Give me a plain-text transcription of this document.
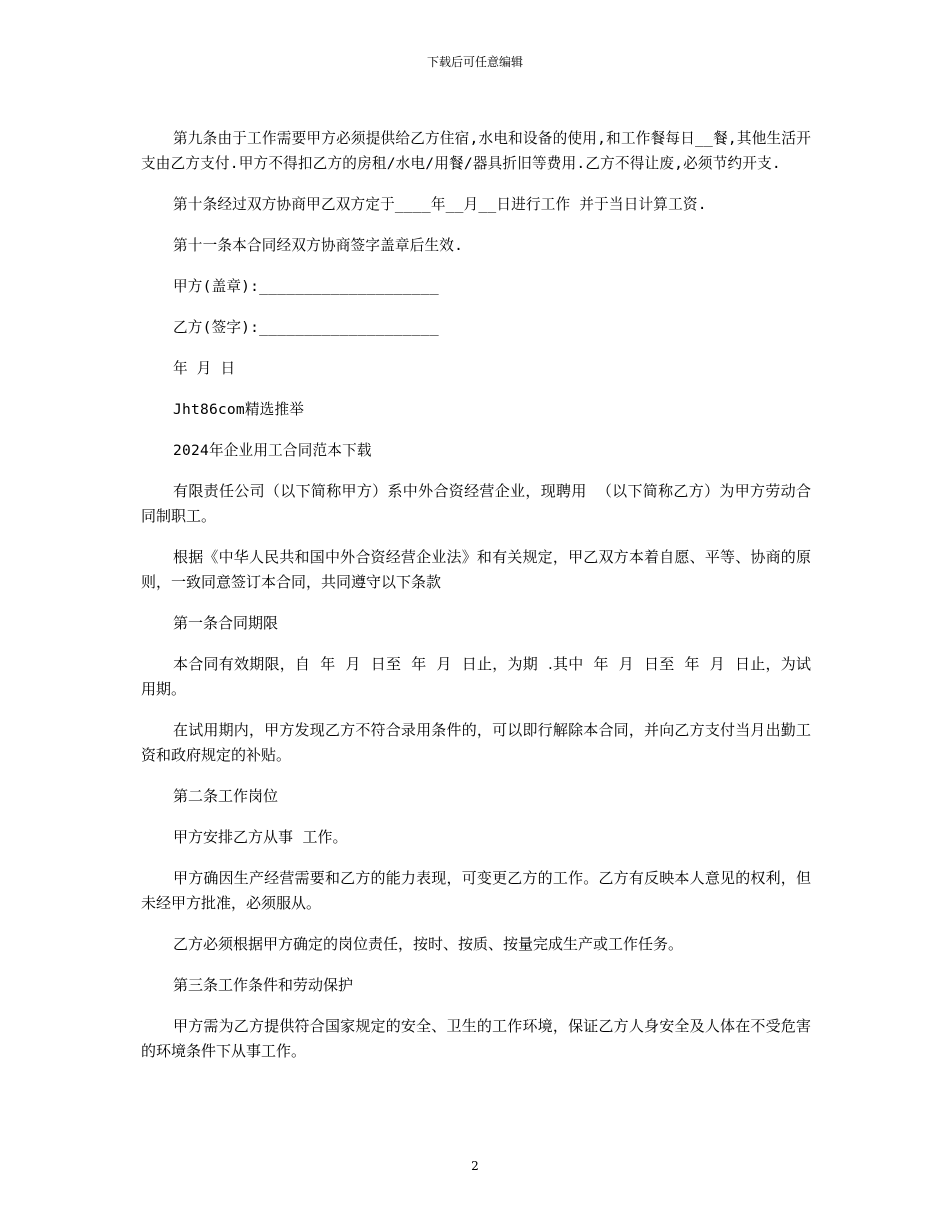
下载后可任意编辑

第九条由于工作需要甲方必须提供给乙方住宿,水电和设备的使用,和工作餐每日__餐,其他生活开支由乙方支付.甲方不得扣乙方的房租/水电/用餐/器具折旧等费用.乙方不得让废,必须节约开支.

第十条经过双方协商甲乙双方定于____年__月__日进行工作 并于当日计算工资.

第十一条本合同经双方协商签字盖章后生效.

甲方(盖章):____________________

乙方(签字):____________________

年 月 日

Jht86com精选推举

2024年企业用工合同范本下载

有限责任公司（以下简称甲方）系中外合资经营企业，现聘用  （以下简称乙方）为甲方劳动合同制职工。

根据《中华人民共和国中外合资经营企业法》和有关规定，甲乙双方本着自愿、平等、协商的原则，一致同意签订本合同，共同遵守以下条款

第一条合同期限

本合同有效期限，自  年  月  日至  年  月  日止，为期  .其中  年  月  日至  年  月  日止，为试用期。

在试用期内，甲方发现乙方不符合录用条件的，可以即行解除本合同，并向乙方支付当月出勤工资和政府规定的补贴。

第二条工作岗位

甲方安排乙方从事  工作。

甲方确因生产经营需要和乙方的能力表现，可变更乙方的工作。乙方有反映本人意见的权利，但未经甲方批准，必须服从。

乙方必须根据甲方确定的岗位责任，按时、按质、按量完成生产或工作任务。

第三条工作条件和劳动保护

甲方需为乙方提供符合国家规定的安全、卫生的工作环境，保证乙方人身安全及人体在不受危害的环境条件下从事工作。

2
